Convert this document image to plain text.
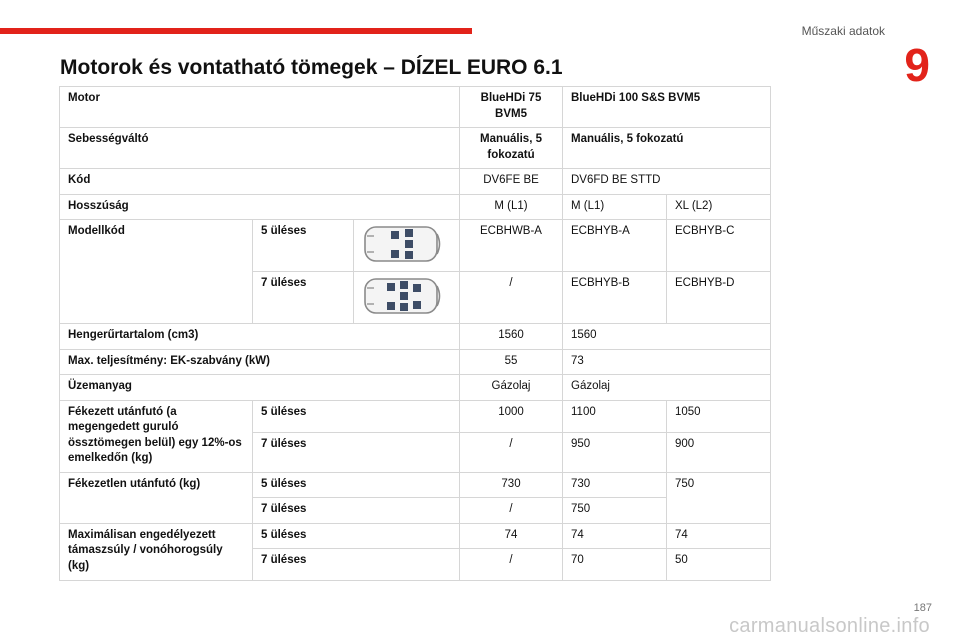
Műszaki adatok
9
Motorok és vontatható tömegek – DÍZEL EURO 6.1
Motor			BlueHDi 75 BVM5	BlueHDi 100 S&S BVM5	
Sebességváltó			Manuális, 5 fokozatú	Manuális, 5 fokozatú	
Kód			DV6FE BE	DV6FD BE STTD	
Hosszúság			M (L1)	M (L1)	XL (L2)
Modellkód	5 üléses		ECBHWB-A	ECBHYB-A	ECBHYB-C
	7 üléses		/	ECBHYB-B	ECBHYB-D
Hengerűrtartalom (cm3)			1560	1560	
Max. teljesítmény: EK-szabvány (kW)			55	73	
Üzemanyag			Gázolaj	Gázolaj	
Fékezett utánfutó (a megengedett guruló össztömegen belül) egy 12%-os emelkedőn (kg)	5 üléses		1000	1100	1050
	7 üléses		/	950	900
Fékezetlen utánfutó (kg)	5 üléses		730	730	750
	7 üléses		/	750	
Maximálisan engedélyezett támaszsúly / vonóhorogsúly (kg)	5 üléses		74	74	74
	7 üléses		/	70	50
187
carmanualsonline.info
